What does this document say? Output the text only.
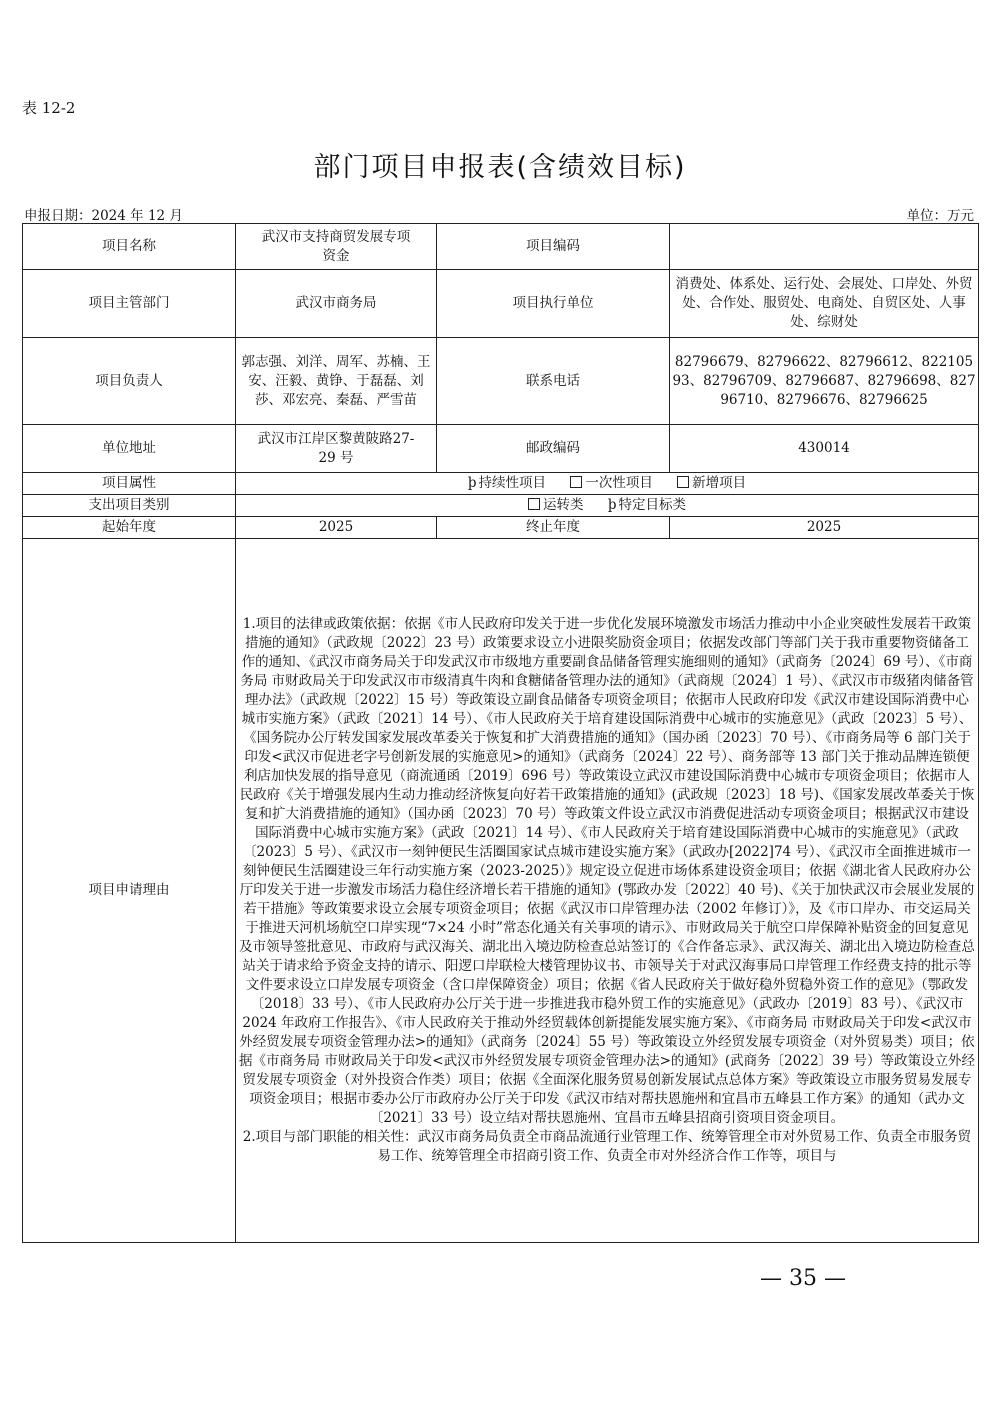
表 12-2
部门项目申报表(含绩效目标)
申报日期：2024 年 12 月	单位：万元
项目名称	武汉市支持商贸发展专项资金	项目编码	
项目主管部门	武汉市商务局	项目执行单位	消费处、体系处、运行处、会展处、口岸处、外贸处、合作处、服贸处、电商处、自贸区处、人事处、综财处
项目负责人	郭志强、刘洋、周军、苏楠、王安、汪毅、黄铮、于磊磊、刘莎、邓宏亮、秦磊、严雪苗	联系电话	82796679、82796622、82796612、82210593、82796709、82796687、82796698、82796710、82796676、82796625
单位地址	武汉市江岸区黎黄陂路27-29 号	邮政编码	430014
项目属性	þ 持续性项目 一次性项目 新增项目		
支出项目类别	运转类 þ 特定目标类		
起始年度	2025	终止年度	2025
项目申请理由	1.项目的法律或政策依据：依据《市人民政府印发关于进一步优化发展环境激发市场活力推动中小企业突破性发展若干政策措施的通知》（武政规〔2022〕23 号）政策要求设立小进限奖励资金项目；依据发改部门等部门关于我市重要物资储备工作的通知、《武汉市商务局关于印发武汉市市级地方重要副食品储备管理实施细则的通知》（武商务〔2024〕69 号）、《市商务局 市财政局关于印发武汉市市级清真牛肉和食糖储备管理办法的通知》（武商规〔2024〕1 号）、《武汉市市级猪肉储备管理办法》（武政规〔2022〕15 号）等政策设立副食品储备专项资金项目；依据市人民政府印发《武汉市建设国际消费中心城市实施方案》（武政〔2021〕14 号）、《市人民政府关于培育建设国际消费中心城市的实施意见》（武政〔2023〕5 号）、《国务院办公厅转发国家发展改革委关于恢复和扩大消费措施的通知》（国办函〔2023〕70 号）、《市商务局等 6 部门关于印发<武汉市促进老字号创新发展的实施意见>的通知》（武商务〔2024〕22 号）、商务部等 13 部门关于推动品牌连锁便利店加快发展的指导意见（商流通函〔2019〕696 号）等政策设立武汉市建设国际消费中心城市专项资金项目；依据市人民政府《关于增强发展内生动力推动经济恢复向好若干政策措施的通知》(武政规〔2023〕18 号)、《国家发展改革委关于恢复和扩大消费措施的通知》（国办函〔2023〕70 号）等政策文件设立武汉市消费促进活动专项资金项目；根据武汉市建设国际消费中心城市实施方案》（武政〔2021〕14 号）、《市人民政府关于培育建设国际消费中心城市的实施意见》（武政〔2023〕5 号）、《武汉市一刻钟便民生活圈国家试点城市建设实施方案》（武政办[2022]74 号）、《武汉市全面推进城市一刻钟便民生活圈建设三年行动实施方案（2023-2025）》规定设立促进市场体系建设资金项目；依据《湖北省人民政府办公厅印发关于进一步激发市场活力稳住经济增长若干措施的通知》(鄂政办发〔2022〕40 号)、《关于加快武汉市会展业发展的若干措施》等政策要求设立会展专项资金项目；依据《武汉市口岸管理办法（2002 年修订）》，及《市口岸办、市交运局关于推进天河机场航空口岸实现“7×24 小时”常态化通关有关事项的请示》、市财政局关于航空口岸保障补贴资金的回复意见及市领导签批意见、市政府与武汉海关、湖北出入境边防检查总站签订的《合作备忘录》、武汉海关、湖北出入境边防检查总站关于请求给予资金支持的请示、阳逻口岸联检大楼管理协议书、市领导关于对武汉海事局口岸管理工作经费支持的批示等文件要求设立口岸发展专项资金（含口岸保障资金）项目；依据《省人民政府关于做好稳外贸稳外资工作的意见》（鄂政发〔2018〕33 号）、《市人民政府办公厅关于进一步推进我市稳外贸工作的实施意见》（武政办〔2019〕83 号）、《武汉市 2024 年政府工作报告》、《市人民政府关于推动外经贸载体创新提能发展实施方案》、《市商务局 市财政局关于印发<武汉市外经贸发展专项资金管理办法>的通知》（武商务〔2024〕55 号）等政策设立外经贸发展专项资金（对外贸易类）项目；依据《市商务局 市财政局关于印发<武汉市外经贸发展专项资金管理办法>的通知》(武商务〔2022〕39 号）等政策设立外经贸发展专项资金（对外投资合作类）项目；依据《全面深化服务贸易创新发展试点总体方案》等政策设立市服务贸易发展专项资金项目；根据市委办公厅市政府办公厅关于印发《武汉市结对帮扶恩施州和宜昌市五峰县工作方案》的通知（武办文〔2021〕33 号）设立结对帮扶恩施州、宜昌市五峰县招商引资项目资金项目。
2.项目与部门职能的相关性：武汉市商务局负责全市商品流通行业管理工作、统筹管理全市对外贸易工作、负责全市服务贸易工作、统筹管理全市招商引资工作、负责全市对外经济合作工作等，项目与		
— 35 —
